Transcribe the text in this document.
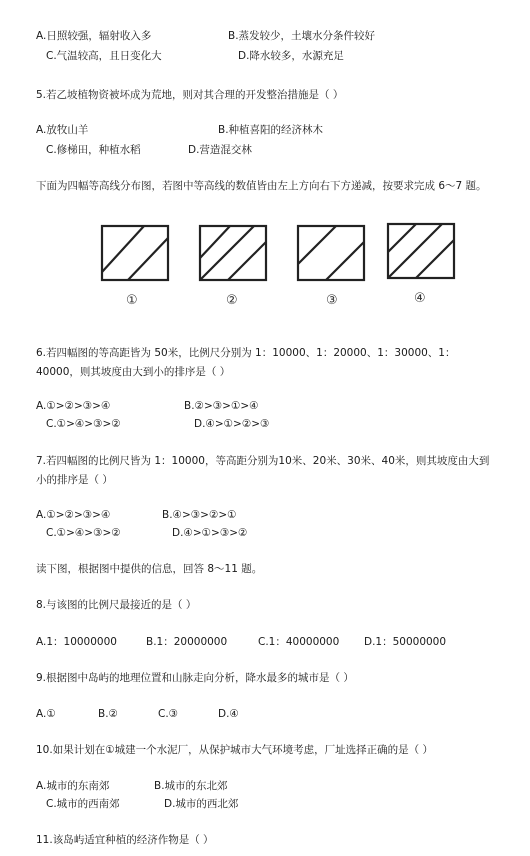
A.日照较强，辐射收入多	B.蒸发较少，土壤水分条件较好
C.气温较高，且日变化大	D.降水较多，水源充足
5.若乙坡植物资被坏成为荒地，则对其合理的开发整治措施是（ ）
A.放牧山羊	B.种植喜阳的经济林木
C.修梯田，种植水稻	D.营造混交林
下面为四幅等高线分布图，若图中等高线的数值皆由左上方向右下方递减，按要求完成 6～7 题。
①	②	③	④
6.若四幅图的等高距皆为 50米，比例尺分别为 1：10000、1：20000、1：30000、1：40000，则其坡度由大到小的排序是（ ）
A.①>②>③>④	B.②>③>①>④
C.①>④>③>②	D.④>①>②>③
7.若四幅图的比例尺皆为 1：10000，等高距分别为10米、20米、30米、40米，则其坡度由大到小的排序是（ ）
A.①>②>③>④	B.④>③>②>①
C.①>④>③>②	D.④>①>③>②
读下图，根据图中提供的信息，回答 8～11 题。
8.与该图的比例尺最接近的是（ ）
A.1：10000000	B.1：20000000	C.1：40000000 D.1：50000000
9.根据图中岛屿的地理位置和山脉走向分析，降水最多的城市是（ ）
A.①	B.②	C.③	D.④
10.如果计划在①城建一个水泥厂，从保护城市大气环境考虑，厂址选择正确的是（ ）
A.城市的东南郊	B.城市的东北郊
C.城市的西南郊	D.城市的西北郊
11.该岛屿适宜种植的经济作物是（ ）
